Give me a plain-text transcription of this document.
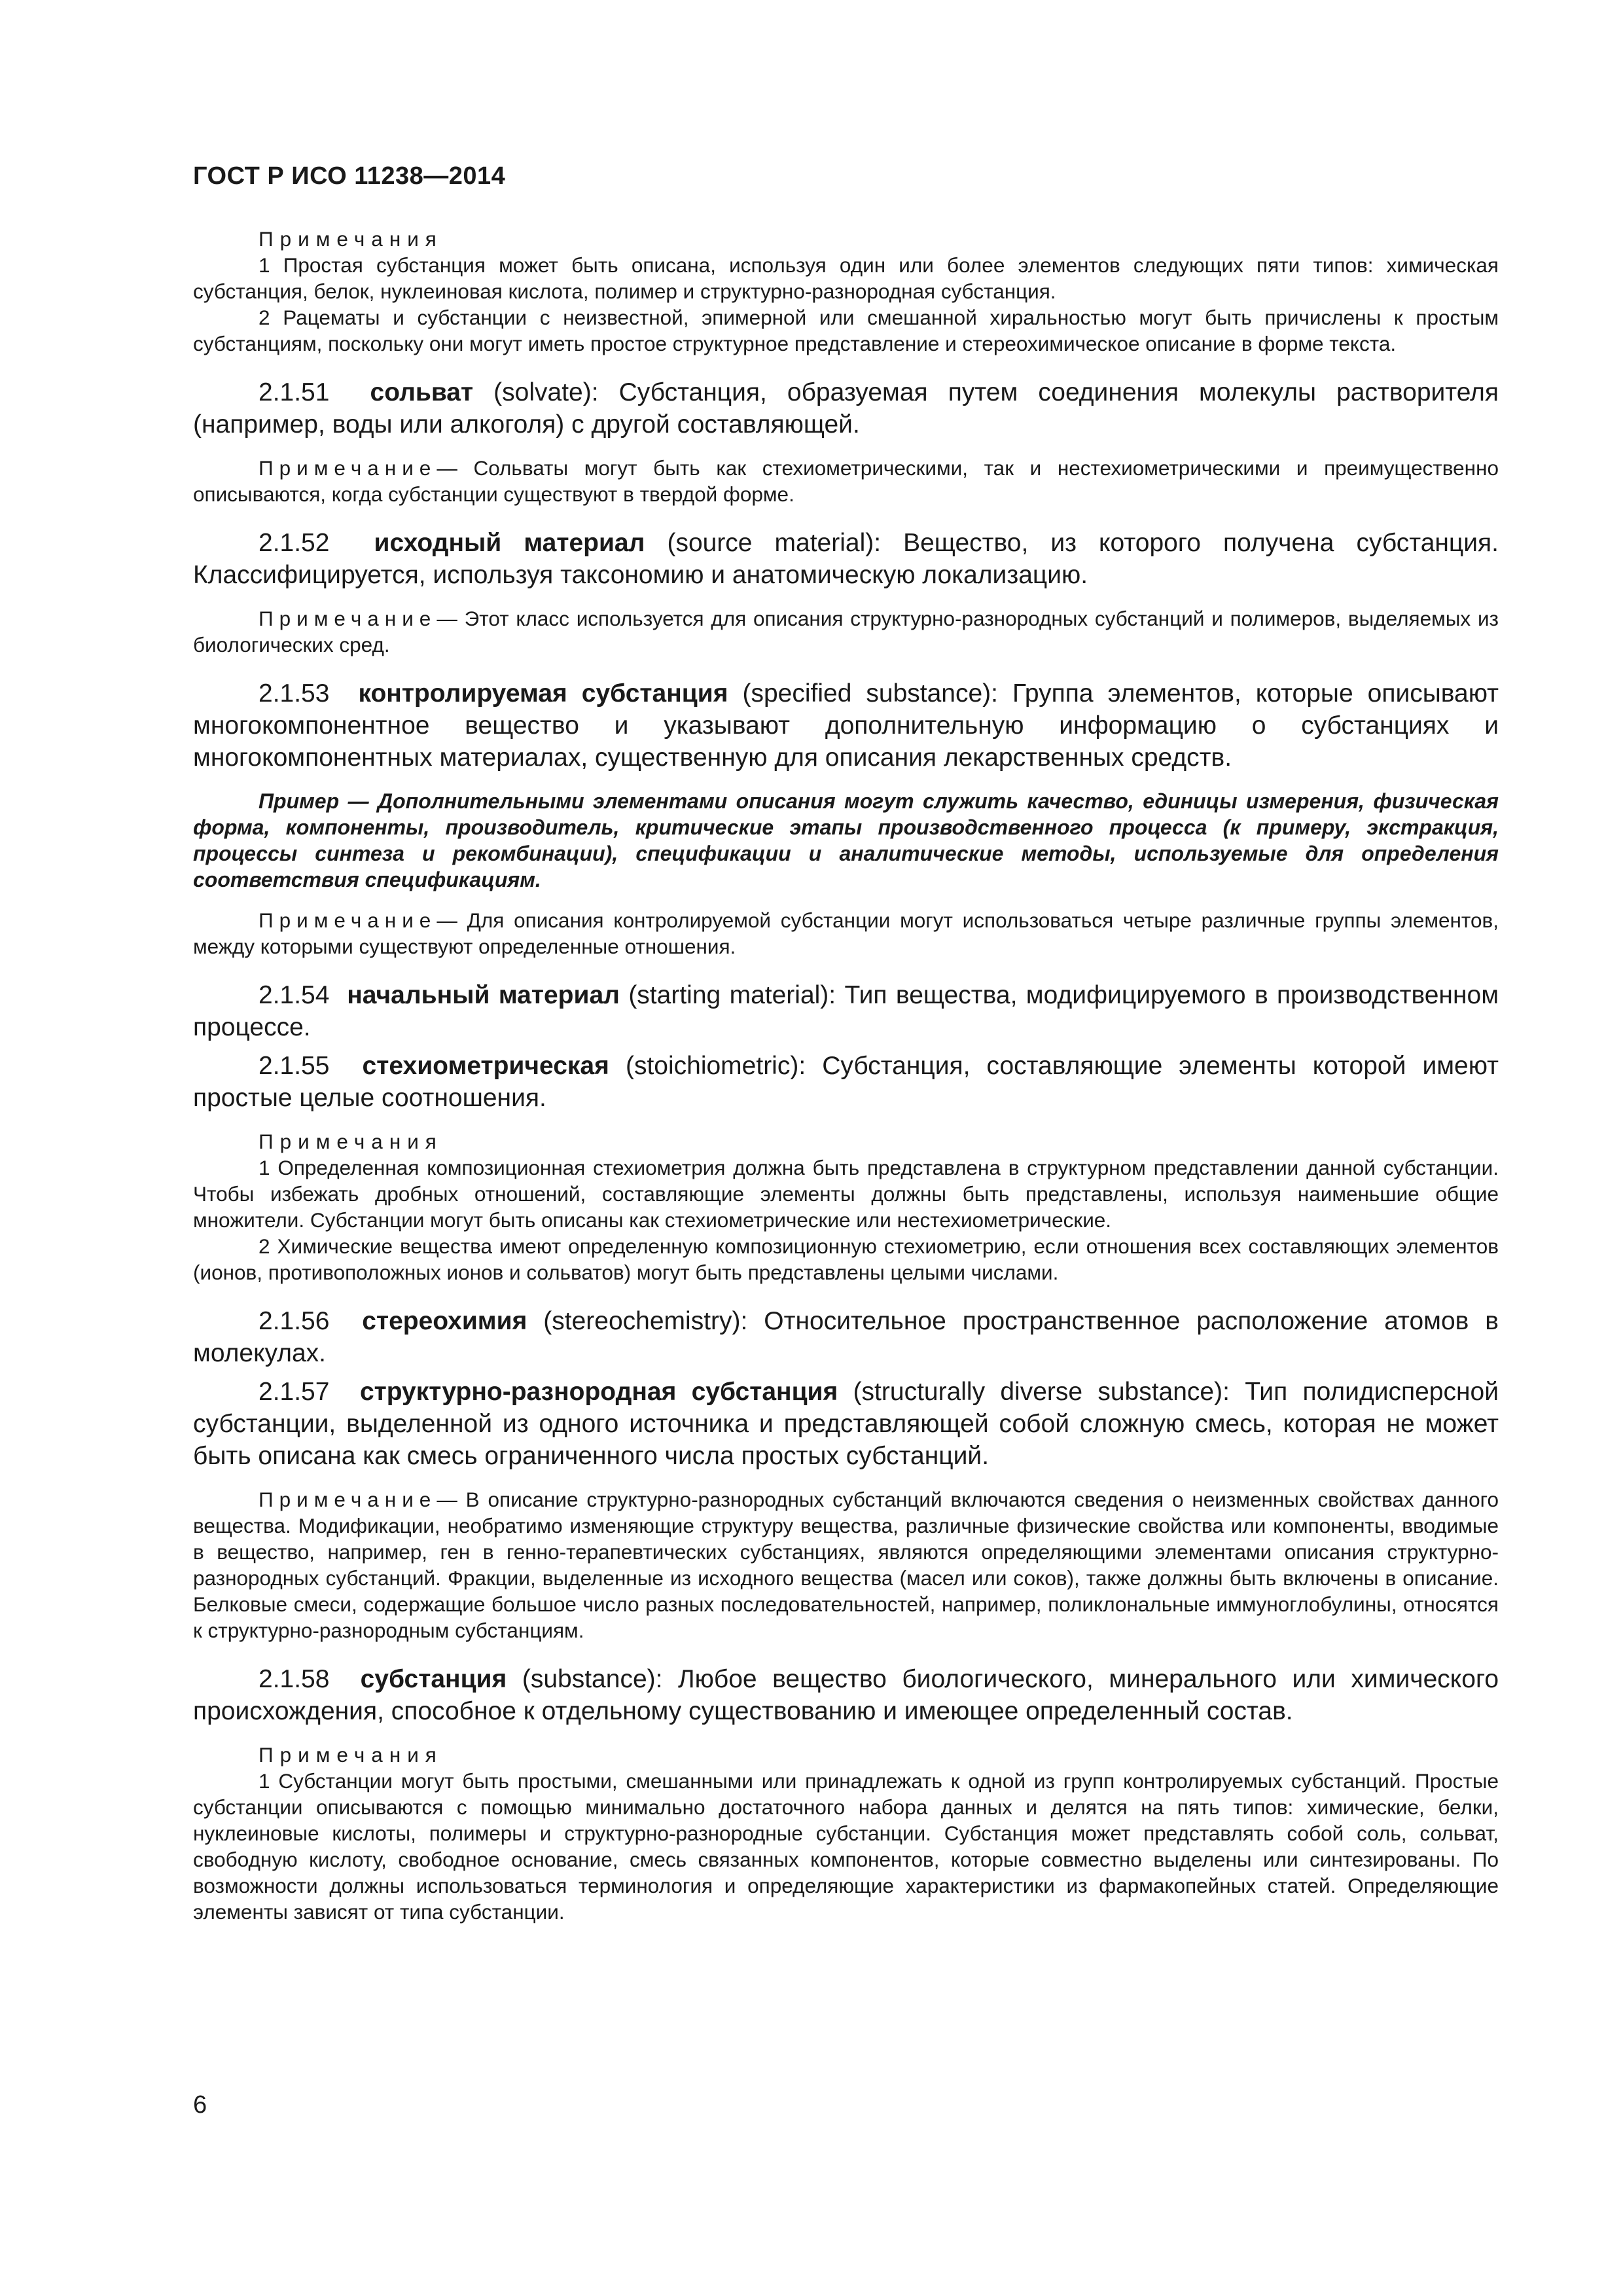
ГОСТ Р ИСО 11238—2014

Примечания

1 Простая субстанция может быть описана, используя один или более элементов следующих пяти типов: химическая субстанция, белок, нуклеиновая кислота, полимер и структурно-разнородная субстанция.

2 Рацематы и субстанции с неизвестной, эпимерной или смешанной хиральностью могут быть причислены к простым субстанциям, поскольку они могут иметь простое структурное представление и стереохимическое описание в форме текста.

2.1.51 сольват (solvate): Субстанция, образуемая путем соединения молекулы растворителя (например, воды или алкоголя) с другой составляющей.

Примечание— Сольваты могут быть как стехиометрическими, так и нестехиометрическими и преимущественно описываются, когда субстанции существуют в твердой форме.

2.1.52 исходный материал (source material): Вещество, из которого получена субстанция. Классифицируется, используя таксономию и анатомическую локализацию.

Примечание— Этот класс используется для описания структурно-разнородных субстанций и полимеров, выделяемых из биологических сред.

2.1.53 контролируемая субстанция (specified substance): Группа элементов, которые описывают многокомпонентное вещество и указывают дополнительную информацию о субстанциях и многокомпонентных материалах, существенную для описания лекарственных средств.

Пример — Дополнительными элементами описания могут служить качество, единицы измерения, физическая форма, компоненты, производитель, критические этапы производственного процесса (к примеру, экстракция, процессы синтеза и рекомбинации), спецификации и аналитические методы, используемые для определения соответствия спецификациям.

Примечание— Для описания контролируемой субстанции могут использоваться четыре различные группы элементов, между которыми существуют определенные отношения.

2.1.54 начальный материал (starting material): Тип вещества, модифицируемого в производственном процессе.

2.1.55 стехиометрическая (stoichiometric): Субстанция, составляющие элементы которой имеют простые целые соотношения.

Примечания

1 Определенная композиционная стехиометрия должна быть представлена в структурном представлении данной субстанции. Чтобы избежать дробных отношений, составляющие элементы должны быть представлены, используя наименьшие общие множители. Субстанции могут быть описаны как стехиометрические или нестехиометрические.

2 Химические вещества имеют определенную композиционную стехиометрию, если отношения всех составляющих элементов (ионов, противоположных ионов и сольватов) могут быть представлены целыми числами.

2.1.56 стереохимия (stereochemistry): Относительное пространственное расположение атомов в молекулах.

2.1.57 структурно-разнородная субстанция (structurally diverse substance): Тип полидисперсной субстанции, выделенной из одного источника и представляющей собой сложную смесь, которая не может быть описана как смесь ограниченного числа простых субстанций.

Примечание— В описание структурно-разнородных субстанций включаются сведения о неизменных свойствах данного вещества. Модификации, необратимо изменяющие структуру вещества, различные физические свойства или компоненты, вводимые в вещество, например, ген в генно-терапевтических субстанциях, являются определяющими элементами описания структурно-разнородных субстанций. Фракции, выделенные из исходного вещества (масел или соков), также должны быть включены в описание. Белковые смеси, содержащие большое число разных последовательностей, например, поликлональные иммуноглобулины, относятся к структурно-разнородным субстанциям.

2.1.58 субстанция (substance): Любое вещество биологического, минерального или химического происхождения, способное к отдельному существованию и имеющее определенный состав.

Примечания

1 Субстанции могут быть простыми, смешанными или принадлежать к одной из групп контролируемых субстанций. Простые субстанции описываются с помощью минимально достаточного набора данных и делятся на пять типов: химические, белки, нуклеиновые кислоты, полимеры и структурно-разнородные субстанции. Субстанция может представлять собой соль, сольват, свободную кислоту, свободное основание, смесь связанных компонентов, которые совместно выделены или синтезированы. По возможности должны использоваться терминология и определяющие характеристики из фармакопейных статей. Определяющие элементы зависят от типа субстанции.

6
